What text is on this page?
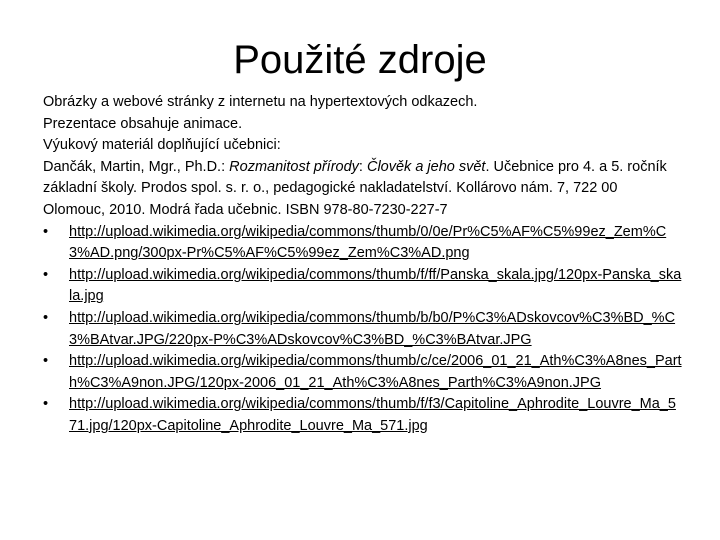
Použité zdroje

Obrázky a webové stránky z internetu na hypertextových odkazech.

Prezentace obsahuje animace.

Výukový materiál doplňující učebnici:

Dančák, Martin, Mgr., Ph.D.: Rozmanitost přírody: Člověk a jeho svět. Učebnice pro 4. a 5. ročník základní školy. Prodos spol. s. r. o., pedagogické nakladatelství. Kollárovo nám. 7, 722 00 Olomouc, 2010. Modrá řada učebnic. ISBN 978-80-7230-227-7

• http://upload.wikimedia.org/wikipedia/commons/thumb/0/0e/Pr%C5%AF%C5%99ez_Zem%C3%AD.png/300px-Pr%C5%AF%C5%99ez_Zem%C3%AD.png
• http://upload.wikimedia.org/wikipedia/commons/thumb/f/ff/Panska_skala.jpg/120px-Panska_skala.jpg
• http://upload.wikimedia.org/wikipedia/commons/thumb/b/b0/P%C3%ADskovcov%C3%BD_%C3%BAtvar.JPG/220px-P%C3%ADskovcov%C3%BD_%C3%BAtvar.JPG
• http://upload.wikimedia.org/wikipedia/commons/thumb/c/ce/2006_01_21_Ath%C3%A8nes_Parth%C3%A9non.JPG/120px-2006_01_21_Ath%C3%A8nes_Parth%C3%A9non.JPG
• http://upload.wikimedia.org/wikipedia/commons/thumb/f/f3/Capitoline_Aphrodite_Louvre_Ma_571.jpg/120px-Capitoline_Aphrodite_Louvre_Ma_571.jpg
